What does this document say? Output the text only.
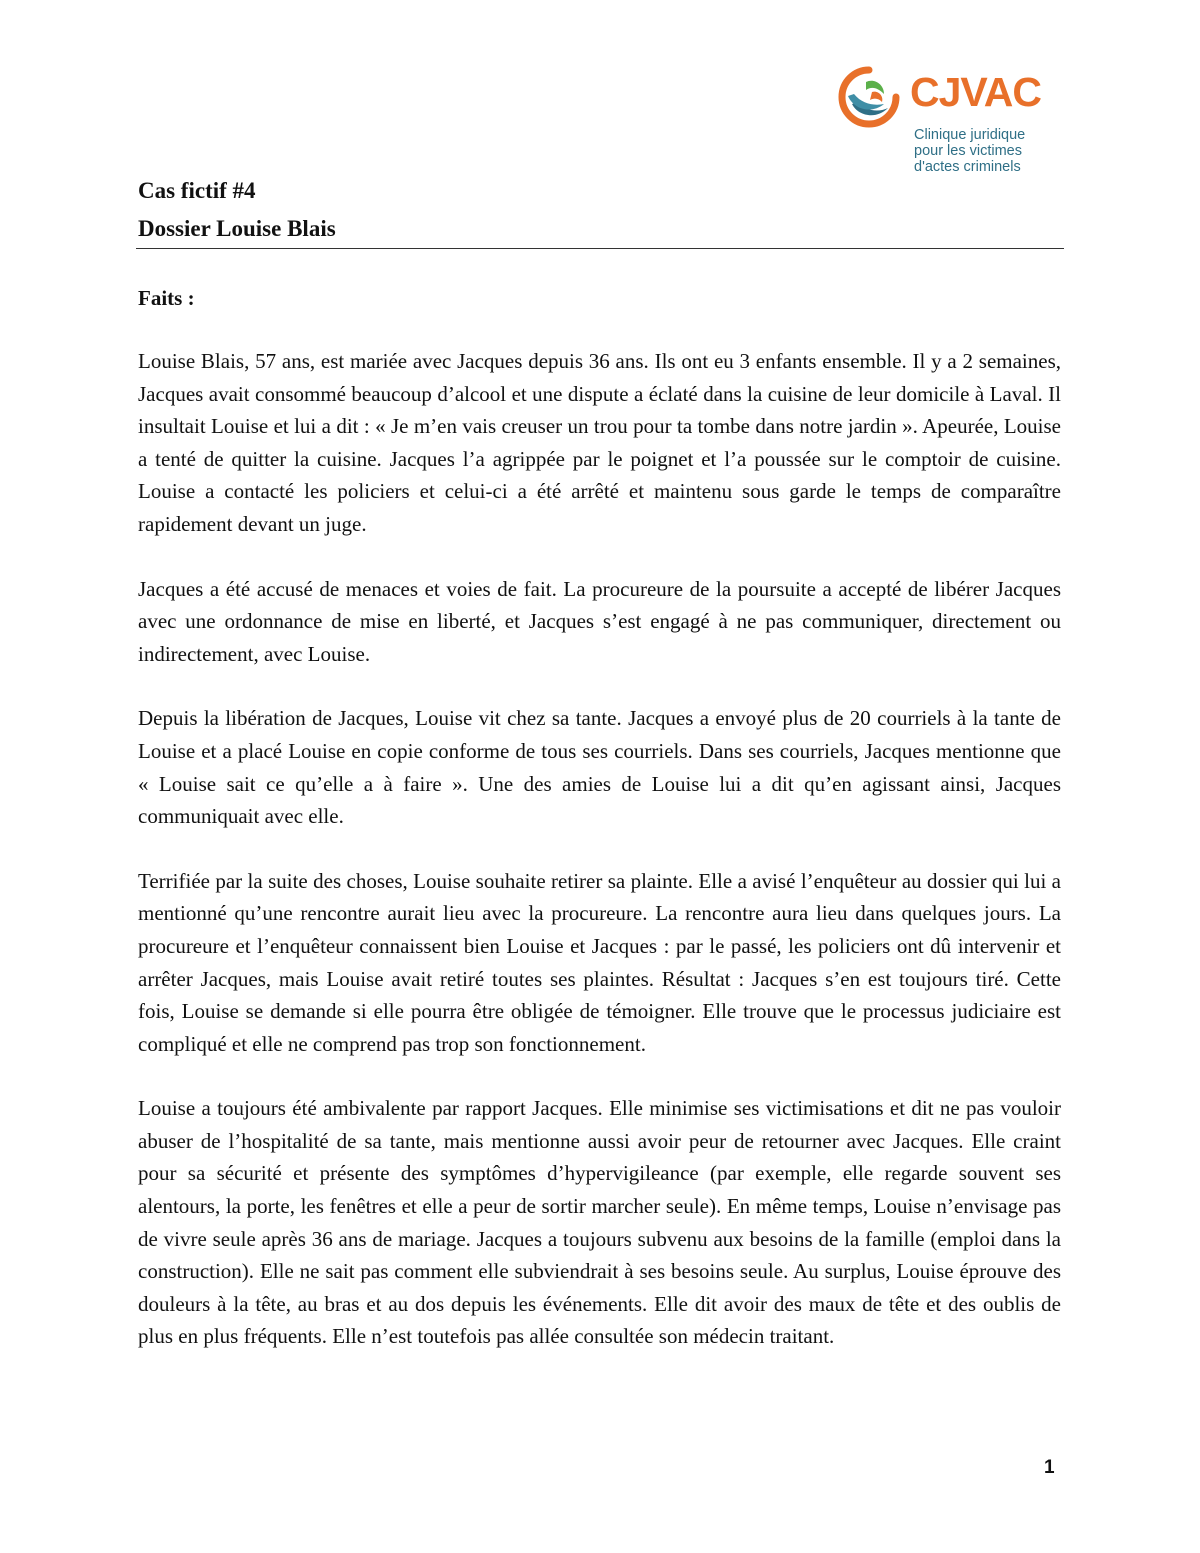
CJVAC
Clinique juridique
pour les victimes
d'actes criminels
Cas fictif #4
Dossier Louise Blais
Faits :

Louise Blais, 57 ans, est mariée avec Jacques depuis 36 ans. Ils ont eu 3 enfants ensemble. Il y a 2 semaines, Jacques avait consommé beaucoup d’alcool et une dispute a éclaté dans la cuisine de leur domicile à Laval. Il insultait Louise et lui a dit : « Je m’en vais creuser un trou pour ta tombe dans notre jardin ». Apeurée, Louise a tenté de quitter la cuisine. Jacques l’a agrippée par le poignet et l’a poussée sur le comptoir de cuisine. Louise a contacté les policiers et celui-ci a été arrêté et maintenu sous garde le temps de comparaître rapidement devant un juge.

Jacques a été accusé de menaces et voies de fait. La procureure de la poursuite a accepté de libérer Jacques avec une ordonnance de mise en liberté, et Jacques s’est engagé à ne pas communiquer, directement ou indirectement, avec Louise.

Depuis la libération de Jacques, Louise vit chez sa tante. Jacques a envoyé plus de 20 courriels à la tante de Louise et a placé Louise en copie conforme de tous ses courriels. Dans ses courriels, Jacques mentionne que « Louise sait ce qu’elle a à faire ». Une des amies de Louise lui a dit qu’en agissant ainsi, Jacques communiquait avec elle.

Terrifiée par la suite des choses, Louise souhaite retirer sa plainte. Elle a avisé l’enquêteur au dossier qui lui a mentionné qu’une rencontre aurait lieu avec la procureure. La rencontre aura lieu dans quelques jours. La procureure et l’enquêteur connaissent bien Louise et Jacques : par le passé, les policiers ont dû intervenir et arrêter Jacques, mais Louise avait retiré toutes ses plaintes. Résultat : Jacques s’en est toujours tiré. Cette fois, Louise se demande si elle pourra être obligée de témoigner. Elle trouve que le processus judiciaire est compliqué et elle ne comprend pas trop son fonctionnement.

Louise a toujours été ambivalente par rapport Jacques. Elle minimise ses victimisations et dit ne pas vouloir abuser de l’hospitalité de sa tante, mais mentionne aussi avoir peur de retourner avec Jacques. Elle craint pour sa sécurité et présente des symptômes d’hypervigileance (par exemple, elle regarde souvent ses alentours, la porte, les fenêtres et elle a peur de sortir marcher seule). En même temps, Louise n’envisage pas de vivre seule après 36 ans de mariage. Jacques a toujours subvenu aux besoins de la famille (emploi dans la construction). Elle ne sait pas comment elle subviendrait à ses besoins seule. Au surplus, Louise éprouve des douleurs à la tête, au bras et au dos depuis les événements. Elle dit avoir des maux de tête et des oublis de plus en plus fréquents. Elle n’est toutefois pas allée consultée son médecin traitant.

1
